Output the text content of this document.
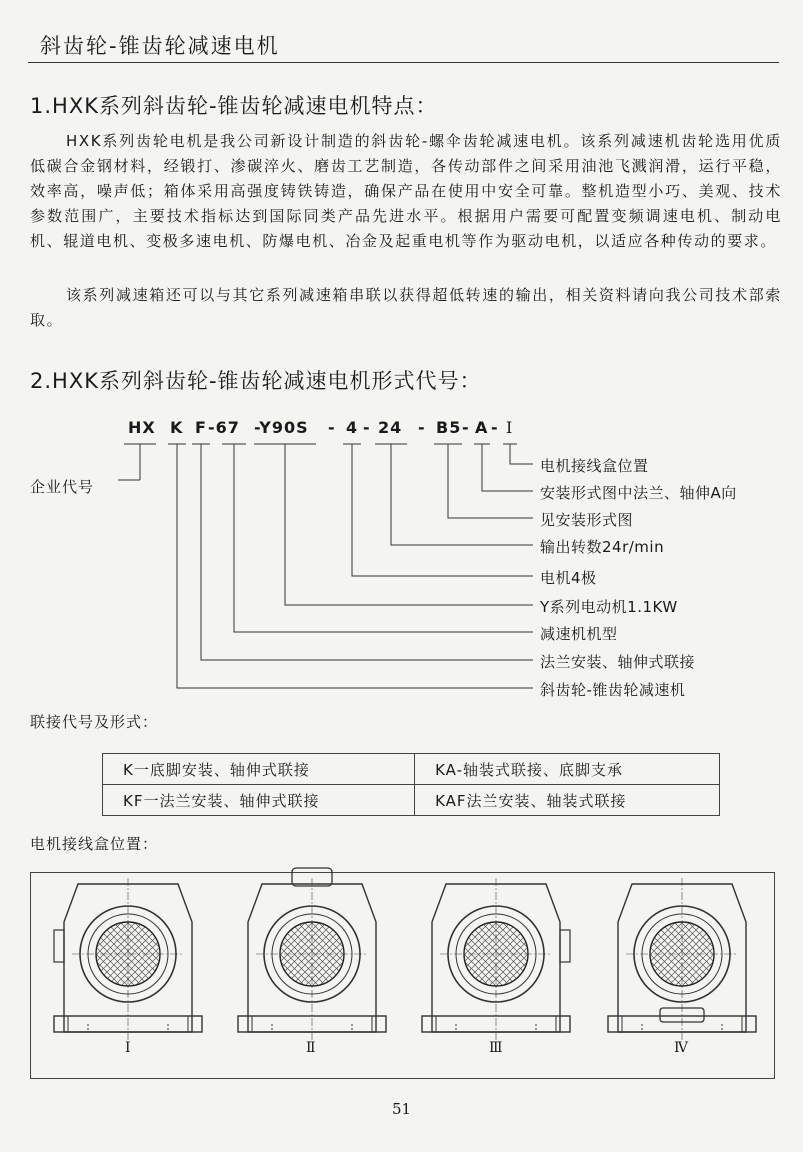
斜齿轮-锥齿轮减速电机
1.HXK系列斜齿轮-锥齿轮减速电机特点：

HXK系列齿轮电机是我公司新设计制造的斜齿轮-螺伞齿轮减速电机。该系列减速机齿轮选用优质低碳合金钢材料，经锻打、渗碳淬火、磨齿工艺制造，各传动部件之间采用油池飞溅润滑，运行平稳，效率高，噪声低；箱体采用高强度铸铁铸造，确保产品在使用中安全可靠。整机造型小巧、美观、技术参数范围广，主要技术指标达到国际同类产品先进水平。根据用户需要可配置变频调速电机、制动电机、辊道电机、变极多速电机、防爆电机、冶金及起重电机等作为驱动电机，以适应各种传动的要求。

该系列减速箱还可以与其它系列减速箱串联以获得超低转速的输出，相关资料请向我公司技术部索取。

2.HXK系列斜齿轮-锥齿轮减速电机形式代号：
HX K F -67 -Y90S - 4 - 24 - B5 - A - Ⅰ
企业代号
电机接线盒位置
安装形式图中法兰、轴伸A向
见安装形式图
输出转数24r/min
电机4极
Y系列电动机1.1KW
减速机机型
法兰安装、轴伸式联接
斜齿轮-锥齿轮减速机
联接代号及形式：
K一底脚安装、轴伸式联接	KA-轴装式联接、底脚支承
KF一法兰安装、轴伸式联接	KAF法兰安装、轴装式联接
电机接线盒位置：
Ⅰ	Ⅱ	Ⅲ	Ⅳ
51
